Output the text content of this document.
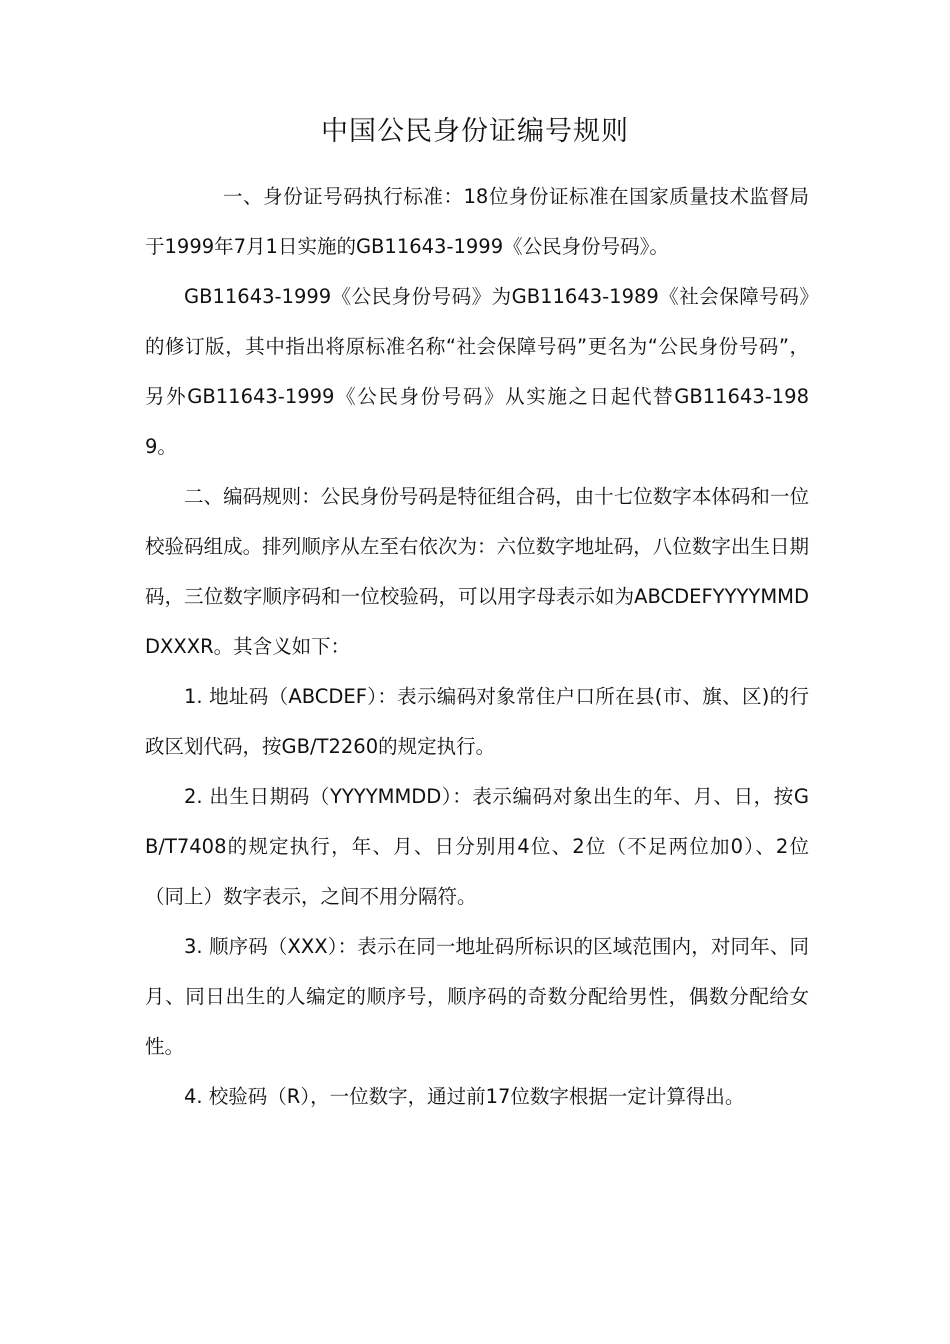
中国公民身份证编号规则

一、身份证号码执行标准：18位身份证标准在国家质量技术监督局于1999年7月1日实施的GB11643-1999《公民身份号码》。

GB11643-1999《公民身份号码》为GB11643-1989《社会保障号码》的修订版，其中指出将原标准名称“社会保障号码”更名为“公民身份号码”，另外GB11643-1999《公民身份号码》从实施之日起代替GB11643-1989。

二、编码规则：公民身份号码是特征组合码，由十七位数字本体码和一位校验码组成。排列顺序从左至右依次为：六位数字地址码，八位数字出生日期码，三位数字顺序码和一位校验码，可以用字母表示如为ABCDEFYYYYMMDDXXXR。其含义如下：

1. 地址码（ABCDEF）：表示编码对象常住户口所在县(市、旗、区)的行政区划代码，按GB/T2260的规定执行。

2. 出生日期码（YYYYMMDD）：表示编码对象出生的年、月、日，按GB/T7408的规定执行，年、月、日分别用4位、2位（不足两位加0）、2位（同上）数字表示，之间不用分隔符。

3. 顺序码（XXX）：表示在同一地址码所标识的区域范围内，对同年、同月、同日出生的人编定的顺序号，顺序码的奇数分配给男性，偶数分配给女性。

4. 校验码（R），一位数字，通过前17位数字根据一定计算得出。
